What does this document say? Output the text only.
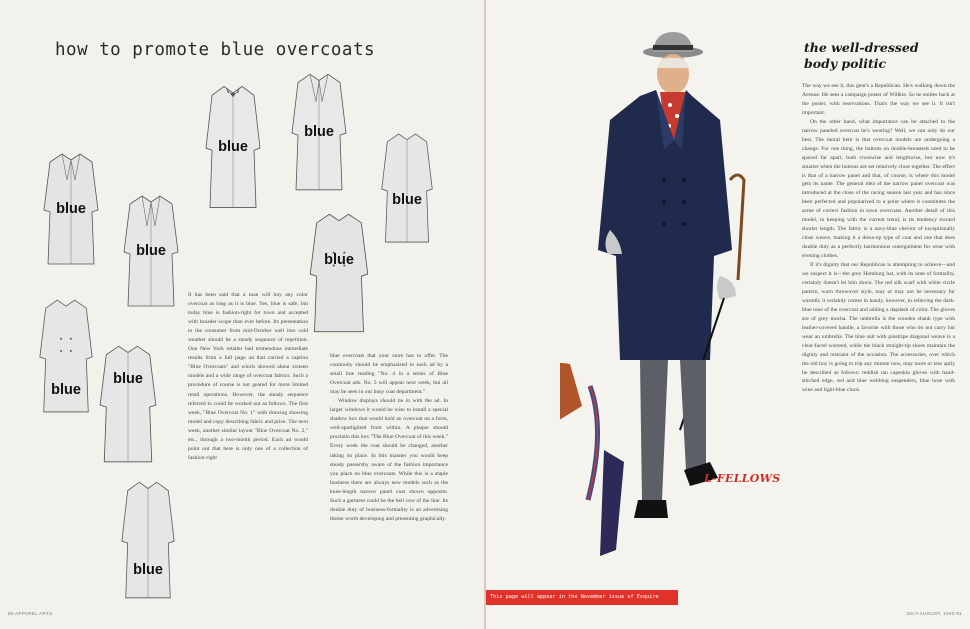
how to promote blue overcoats
blue
blue
blue
blue
blue
blue
blue
blue
blue

It has been said that a man will buy any color overcoat as long as it is blue. Yes, blue is safe, but today blue is fashion-right for town and accepted with broader scope than ever before. Its presentation to the consumer from mid-October well into cold weather should be a steady sequence of repetition. One New York retailer had tremendous immediate results from a full page ad that carried a caption "Blue Overcoats" and which showed about sixteen models and a wide range of overcoat fabrics. Such a procedure of course is not geared for more limited retail operations. However, the steady sequence referred to could be worked out as follows. The first week, "Blue Overcoat No. 1" with drawing showing model and copy describing fabric and price. The next week, another similar layout "Blue Overcoat No. 2," etc., through a two-month period. Each ad would point out that here is only one of a collection of fashion-right

blue overcoats that your store has to offer. The continuity should be emphasized in each ad by a small line reading "No. 4 in a series of Blue Overcoat ads. No. 5 will appear next week, but all may be seen in our busy coat department."

Window displays should tie in with the ad. In larger windows it would be wise to install a special shadow box that would hold an overcoat on a form, well-spotlighted from within. A plaque should proclaim this box "The Blue Overcoat of this week." Every week the coat should be changed, another taking its place. In this manner you would keep steady passersby aware of the fashion importance you place on blue overcoats. While this is a staple business there are always new models such as the knee-length narrow panel coat shown opposite. Such a garment could be the bell cow of the line. Its double duty of business-formality is an advertising theme worth developing and presenting graphically.

80 APPAREL ARTS	JULY-AUGUST, 1940 81
L-FELLOWS
the well-dressed body politic

The way we see it, this gent's a Republican. He's walking down the Avenue. He sees a campaign poster of Willkie. So he smiles back at the poster, with reservations. That's the way we see it. It isn't important.

On the other hand, what importance can be attached to the narrow paneled overcoat he's wearing? Well, we can only do our best. The moral here is that overcoat models are undergoing a change. For one thing, the buttons on double-breasteds used to be spaced far apart, both crosswise and lengthwise, but now it's smarter when the buttons are set relatively close together. The effect is that of a narrow panel and that, of course, is where this model gets its name. The general idea of the narrow panel overcoat was introduced at the close of the racing season last year and has since been perfected and popularized to a point where it constitutes the acme of correct fashion in town overcoats. Another detail of this model, in keeping with the current trend, is its tendency toward shorter length. The fabric is a navy-blue cheviot of exceptionally close weave, making it a dress-up type of coat and one that does double duty as a perfectly harmonious outergarment for wear with evening clothes.

If it's dignity that our Republican is attempting to achieve—and we suspect it is—the grey Homburg hat, with its note of formality, certainly doesn't let him down. The red silk scarf with white circle pattern, worn throwover style, may or may not be necessary for warmth; it certainly comes in handy, however, in relieving the dark-blue tone of the overcoat and adding a dapdash of color. The gloves are of grey mocha. The umbrella is the wooden shank type with leather-covered handle, a favorite with those who do not carry but wear an umbrella. The blue suit with pinstripe diagonal weave is a clear-faced worsted, while the black straight-tip shoes maintain the dignity and restraint of the occasion. The accessories, over which the old boy is going to trip any minute now, may more or less aptly be described as follows: reddish tan capeskin gloves with hand-stitched edge, red and blue webbing suspenders, blue hose with wine and light-blue clock.

This page will appear in the November issue of Esquire
